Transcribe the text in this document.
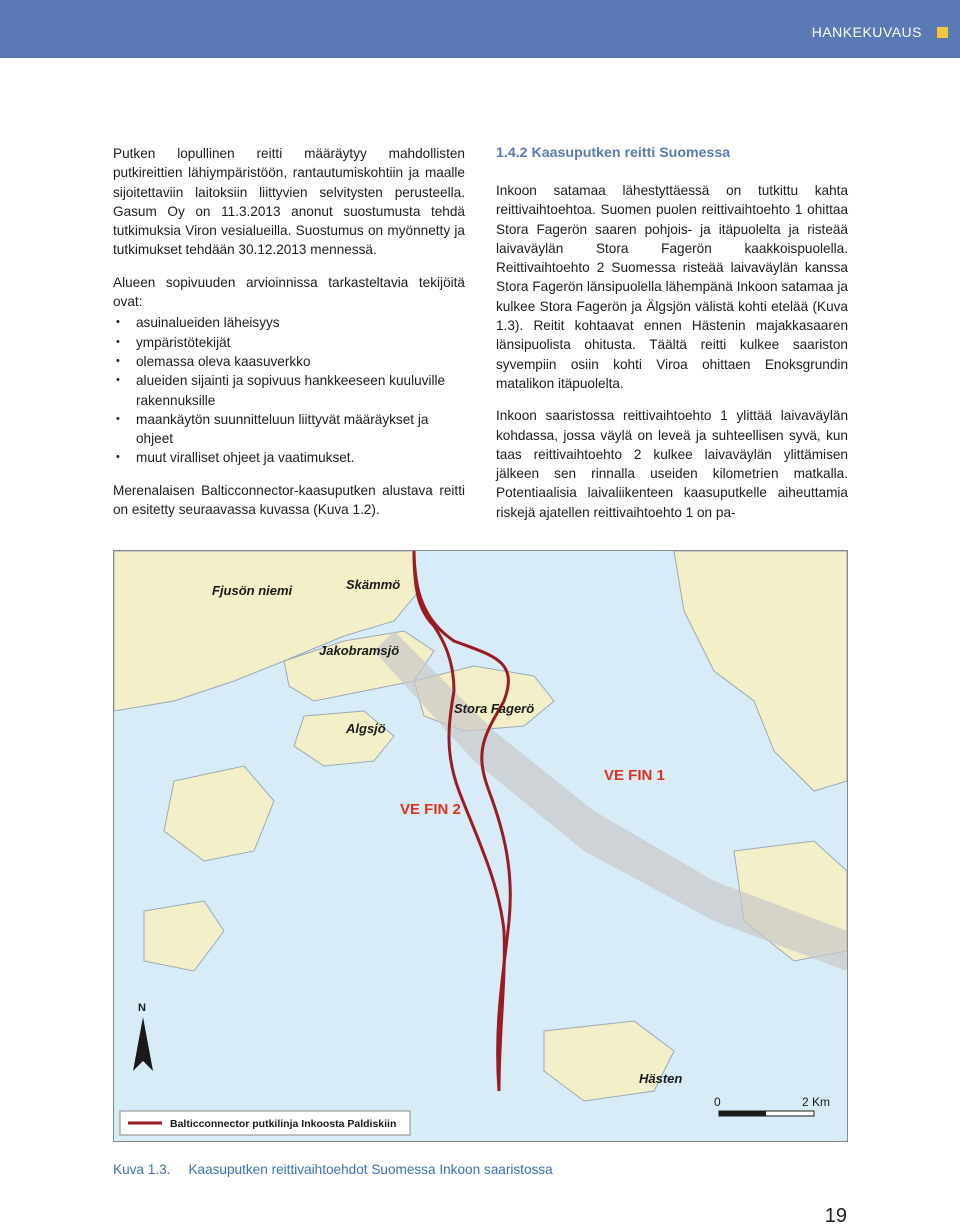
HANKEKUVAUS

Putken lopullinen reitti määräytyy mahdollisten putkireittien lähiympäristöön, rantautumiskohtiin ja maalle sijoitettaviin laitoksiin liittyvien selvitysten perusteella. Gasum Oy on 11.3.2013 anonut suostumusta tehdä tutkimuksia Viron vesialueilla. Suostumus on myönnetty ja tutkimukset tehdään 30.12.2013 mennessä.

Alueen sopivuuden arvioinnissa tarkasteltavia tekijöitä ovat:

• asuinalueiden läheisyys
• ympäristötekijät
• olemassa oleva kaasuverkko
• alueiden sijainti ja sopivuus hankkeeseen kuuluville rakennuksille
• maankäytön suunnitteluun liittyvät määräykset ja ohjeet
• muut viralliset ohjeet ja vaatimukset.

Merenalaisen Balticconnector-kaasuputken alustava reitti on esitetty seuraavassa kuvassa (Kuva 1.2).

1.4.2 Kaasuputken reitti Suomessa

Inkoon satamaa lähestyttäessä on tutkittu kahta reittivaihtoehtoa. Suomen puolen reittivaihtoehto 1 ohittaa Stora Fagerön saaren pohjois- ja itäpuolelta ja risteää laivaväylän Stora Fagerön kaakkoispuolella. Reittivaihtoehto 2 Suomessa risteää laivaväylän kanssa Stora Fagerön länsipuolella lähempänä Inkoon satamaa ja kulkee Stora Fagerön ja Älgsjön välistä kohti etelää (Kuva 1.3). Reitit kohtaavat ennen Hästenin majakkasaaren länsipuolista ohitusta. Täältä reitti kulkee saariston syvempiin osiin kohti Viroa ohittaen Enoksgrundin matalikon itäpuolelta.

Inkoon saaristossa reittivaihtoehto 1 ylittää laivaväylän kohdassa, jossa väylä on leveä ja suhteellisen syvä, kun taas reittivaihtoehto 2 kulkee laivaväylän ylittämisen jälkeen sen rinnalla useiden kilometrien matkalla. Potentiaalisia laivaliikenteen kaasuputkelle aiheuttamia riskejä ajatellen reittivaihtoehto 1 on pa-

Fjusön niemi	Skämmö
Jakobramsjö
Stora Fagerö
Algsjö
Hästen
VE FIN 1
VE FIN 2
N
0	2 Km
Balticconnector putkilinja Inkoosta Paldiskiin
Kuva 1.3. Kaasuputken reittivaihtoehdot Suomessa Inkoon saaristossa
19
